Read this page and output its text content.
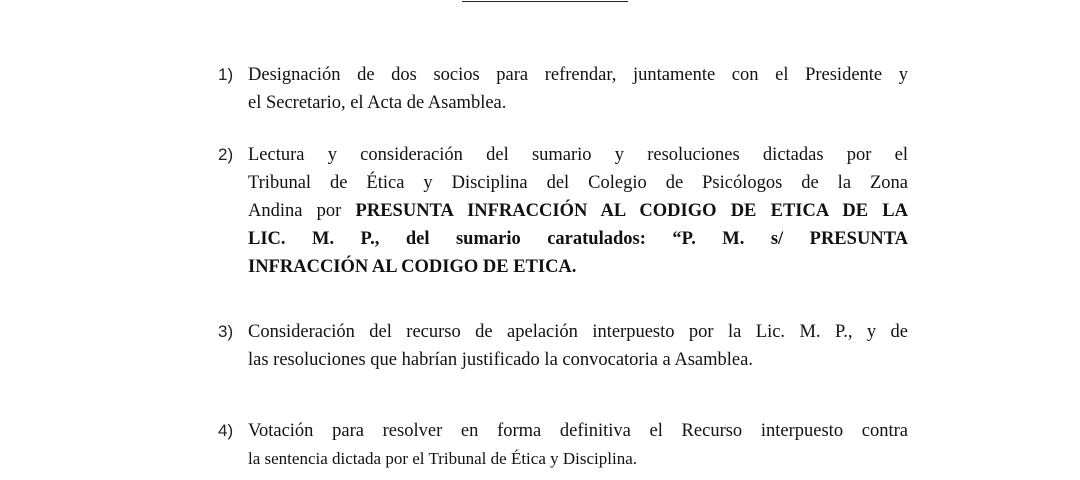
1) Designación de dos socios para refrendar, juntamente con el Presidente y
el Secretario, el Acta de Asamblea.
2) Lectura y consideración del sumario y resoluciones dictadas por el
Tribunal de Ética y Disciplina del Colegio de Psicólogos de la Zona
Andina por PRESUNTA INFRACCIÓN AL CODIGO DE ETICA DE LA
LIC. M. P., del sumario caratulados: “P. M. s/ PRESUNTA
INFRACCIÓN AL CODIGO DE ETICA.
3) Consideración del recurso de apelación interpuesto por la Lic. M. P., y de
las resoluciones que habrían justificado la convocatoria a Asamblea.
4) Votación para resolver en forma definitiva el Recurso interpuesto contra
la sentencia dictada por el Tribunal de Ética y Disciplina.
